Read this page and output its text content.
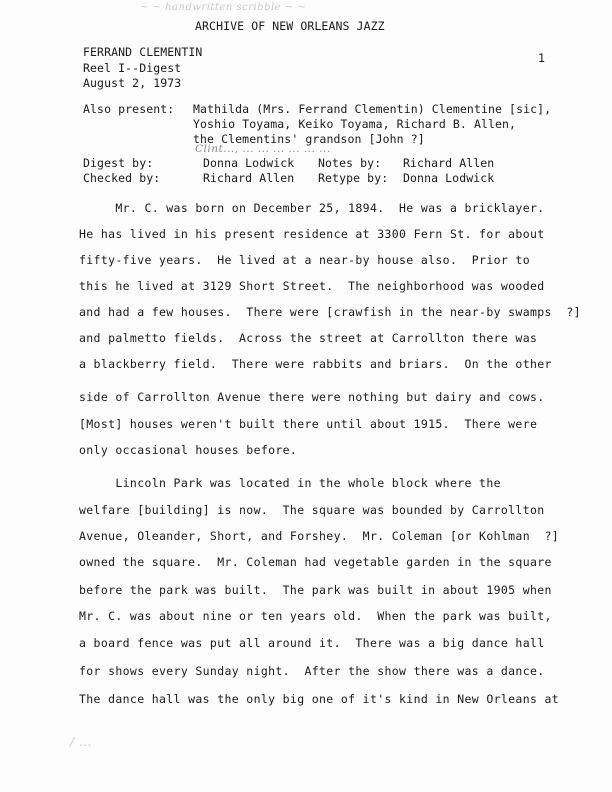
~ ~ handwritten scribble ~ ~
ARCHIVE OF NEW ORLEANS JAZZ
1
FERRAND CLEMENTIN
Reel I--Digest
August 2, 1973
Also present: Mathilda (Mrs. Ferrand Clementin) Clementine [sic],
Yoshio Toyama, Keiko Toyama, Richard B. Allen,
the Clementins' grandson [John ?]
Clint..., ... ... ... ... ... ...
Digest by:	Donna Lodwick Notes by: Richard Allen
Checked by:	Richard Allen Retype by: Donna Lodwick
Mr. C. was born on December 25, 1894.  He was a bricklayer.
He has lived in his present residence at 3300 Fern St. for about
fifty-five years.  He lived at a near-by house also.  Prior to
this he lived at 3129 Short Street.  The neighborhood was wooded
and had a few houses.  There were [crawfish in the near-by swamps  ?]
and palmetto fields.  Across the street at Carrollton there was
a blackberry field.  There were rabbits and briars.  On the other
side of Carrollton Avenue there were nothing but dairy and cows.
[Most] houses weren't built there until about 1915.  There were
only occasional houses before.
Lincoln Park was located in the whole block where the
welfare [building] is now.  The square was bounded by Carrollton
Avenue, Oleander, Short, and Forshey.  Mr. Coleman [or Kohlman  ?]
owned the square.  Mr. Coleman had vegetable garden in the square
before the park was built.  The park was built in about 1905 when
Mr. C. was about nine or ten years old.  When the park was built,
a board fence was put all around it.  There was a big dance hall
for shows every Sunday night.  After the show there was a dance.
The dance hall was the only big one of it's kind in New Orleans at
/ ...
